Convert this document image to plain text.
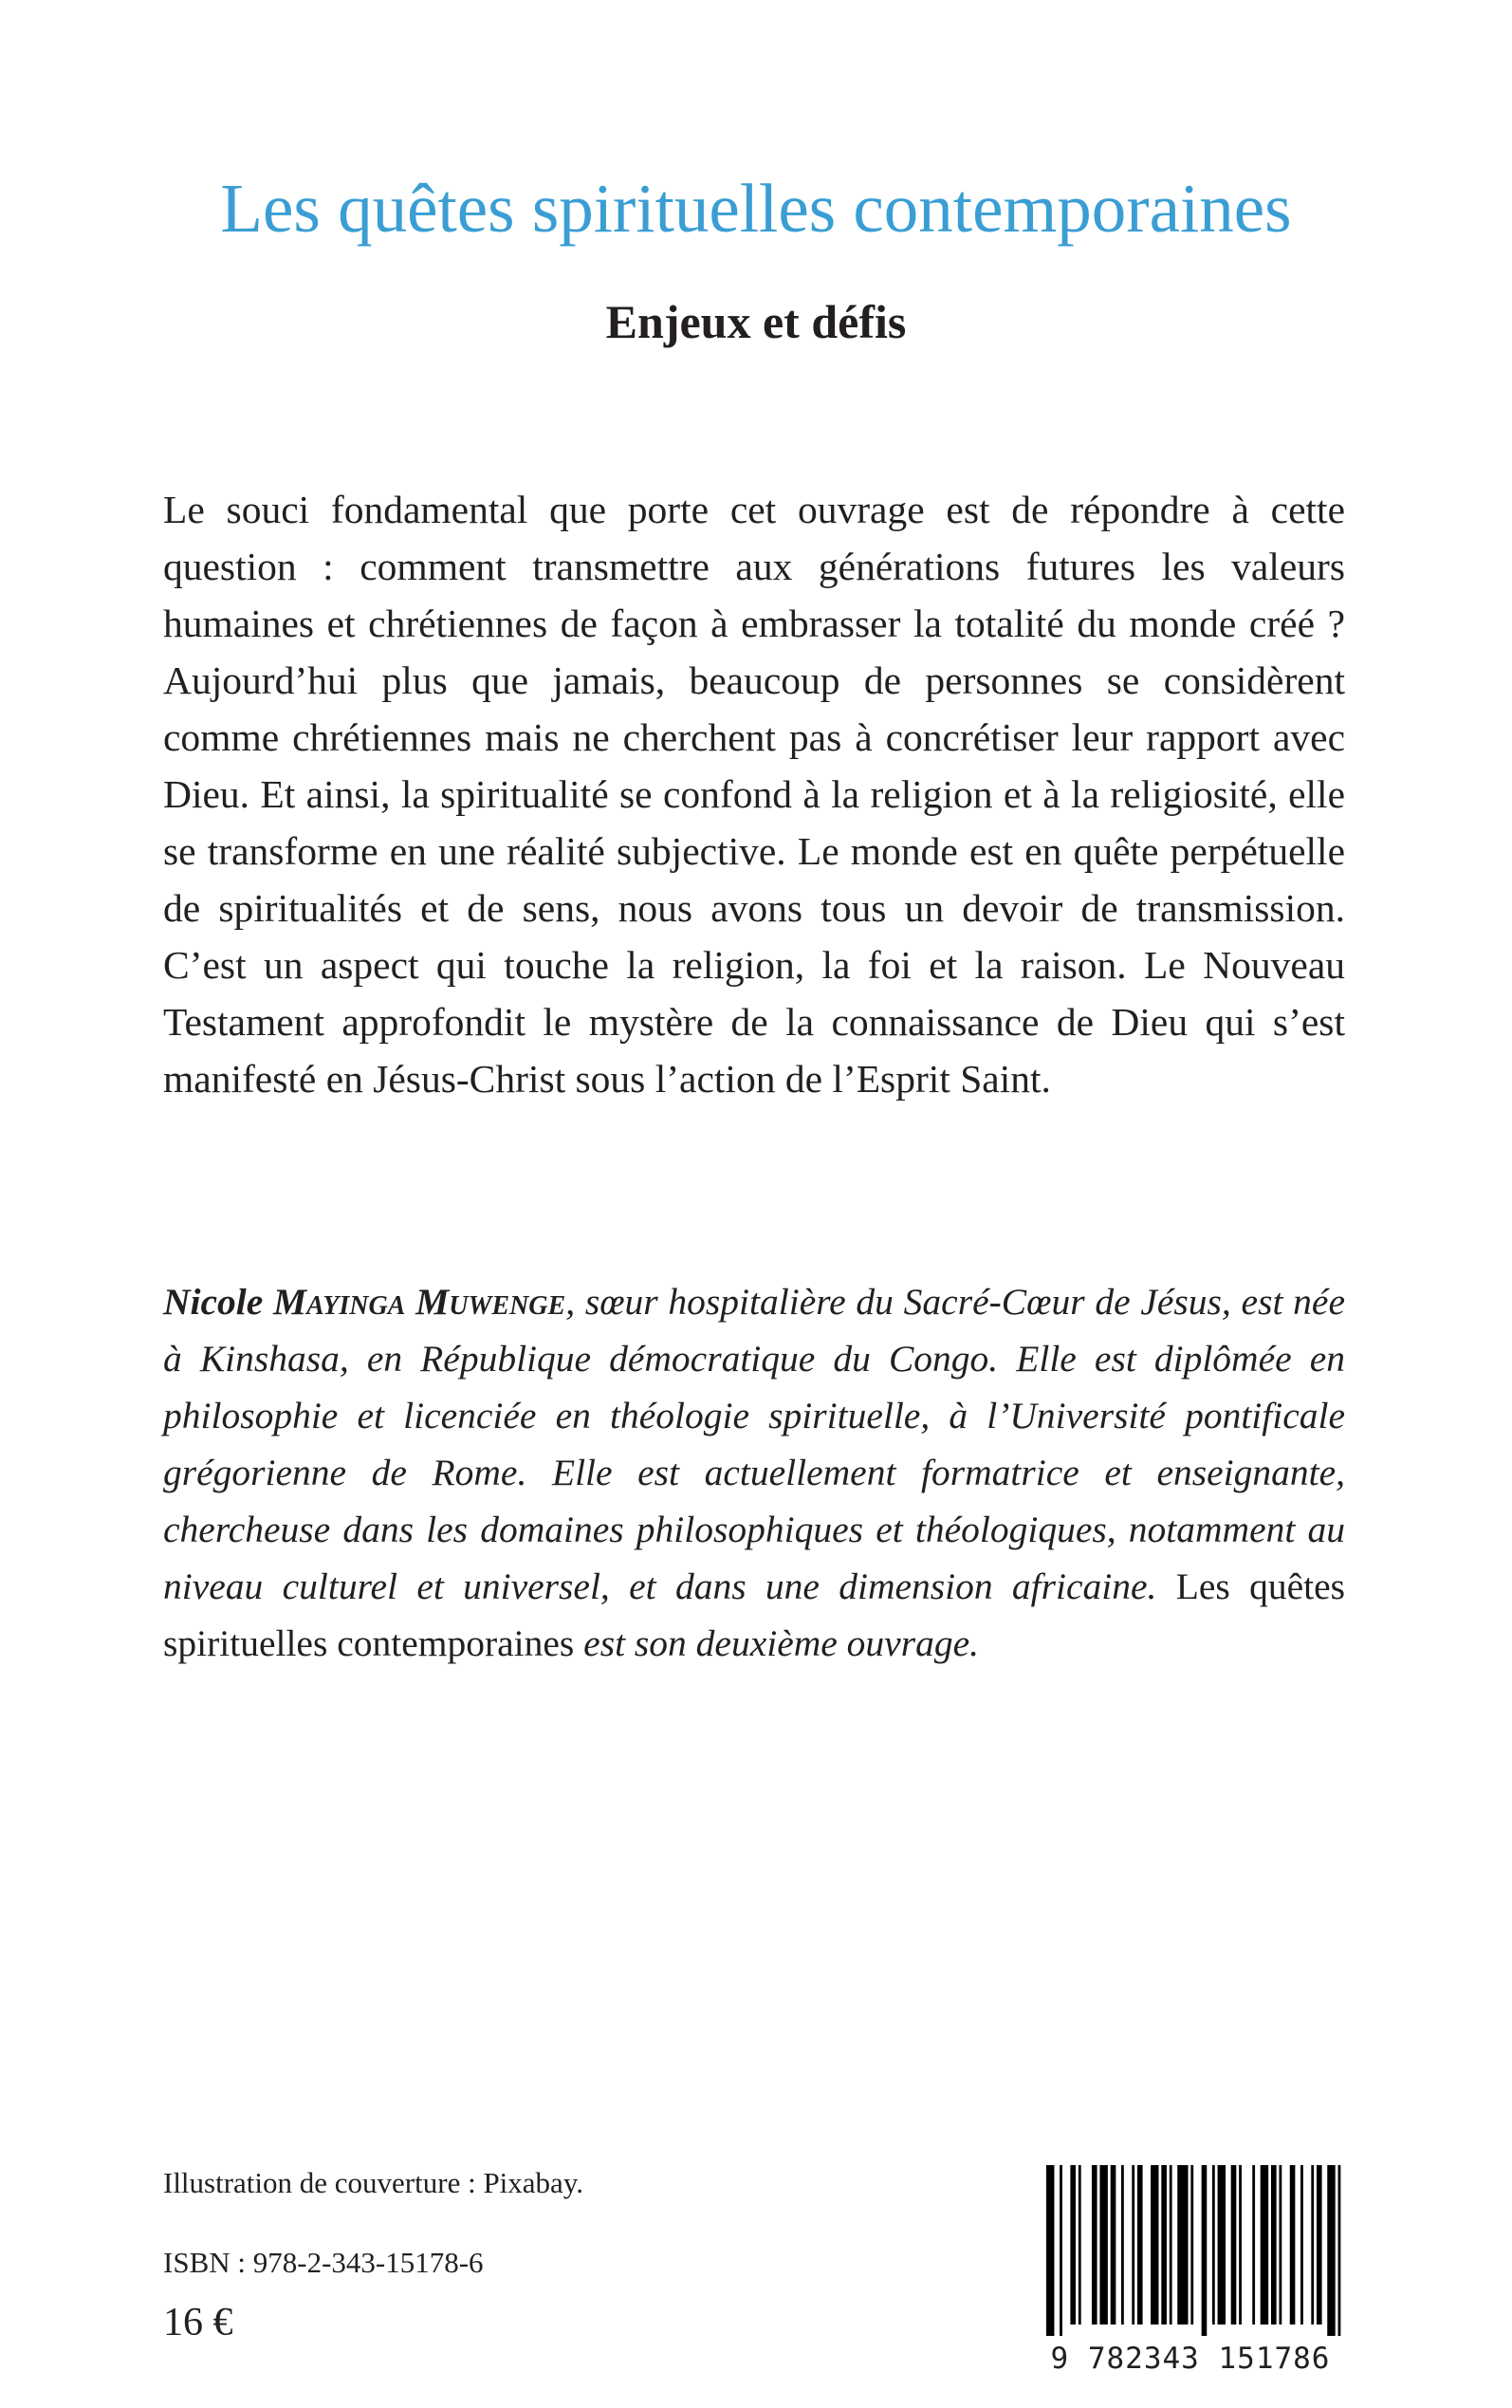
Les quêtes spirituelles contemporaines
Enjeux et défis

Le souci fondamental que porte cet ouvrage est de répondre à cette question : comment transmettre aux générations futures les valeurs humaines et chrétiennes de façon à embrasser la totalité du monde créé ? Aujourd’hui plus que jamais, beaucoup de personnes se considèrent comme chrétiennes mais ne cherchent pas à concrétiser leur rapport avec Dieu. Et ainsi, la spiritualité se confond à la religion et à la religiosité, elle se transforme en une réalité subjective. Le monde est en quête perpétuelle de spiritualités et de sens, nous avons tous un devoir de transmission. C’est un aspect qui touche la religion, la foi et la raison. Le Nouveau Testament approfondit le mystère de la connaissance de Dieu qui s’est manifesté en Jésus-Christ sous l’action de l’Esprit Saint.

Nicole Mayinga Muwenge, sœur hospitalière du Sacré-Cœur de Jésus, est née à Kinshasa, en République démocratique du Congo. Elle est diplômée en philosophie et licenciée en théologie spirituelle, à l’Université pontificale grégorienne de Rome. Elle est actuellement formatrice et enseignante, chercheuse dans les domaines philosophiques et théologiques, notamment au niveau culturel et universel, et dans une dimension africaine. Les quêtes spirituelles contemporaines est son deuxième ouvrage.

Illustration de couverture : Pixabay.

ISBN : 978-2-343-15178-6

16 €

9 782343 151786
